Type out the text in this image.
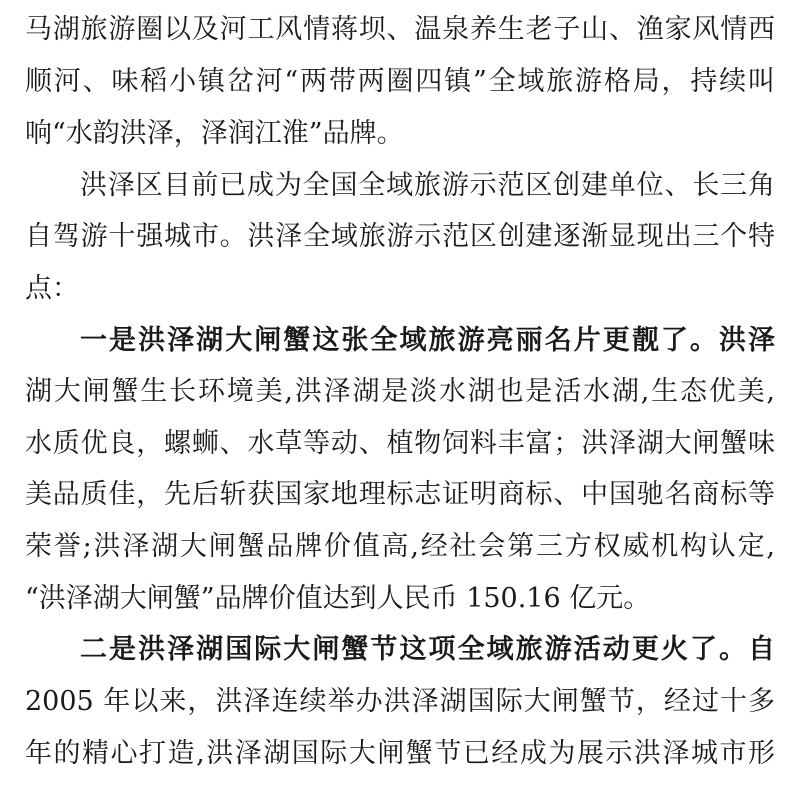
马湖旅游圈以及河工风情蒋坝、温泉养生老子山、渔家风情西
顺河、味稻小镇岔河“两带两圈四镇”全域旅游格局，持续叫
响“水韵洪泽，泽润江淮”品牌。
洪泽区目前已成为全国全域旅游示范区创建单位、长三角
自驾游十强城市。洪泽全域旅游示范区创建逐渐显现出三个特
点：
一是洪泽湖大闸蟹这张全域旅游亮丽名片更靓了。洪泽
湖大闸蟹生长环境美,洪泽湖是淡水湖也是活水湖,生态优美,
水质优良，螺蛳、水草等动、植物饲料丰富；洪泽湖大闸蟹味
美品质佳，先后斩获国家地理标志证明商标、中国驰名商标等
荣誉;洪泽湖大闸蟹品牌价值高,经社会第三方权威机构认定,
“洪泽湖大闸蟹”品牌价值达到人民币 150.16 亿元。
二是洪泽湖国际大闸蟹节这项全域旅游活动更火了。自
2005 年以来，洪泽连续举办洪泽湖国际大闸蟹节，经过十多
年的精心打造,洪泽湖国际大闸蟹节已经成为展示洪泽城市形
